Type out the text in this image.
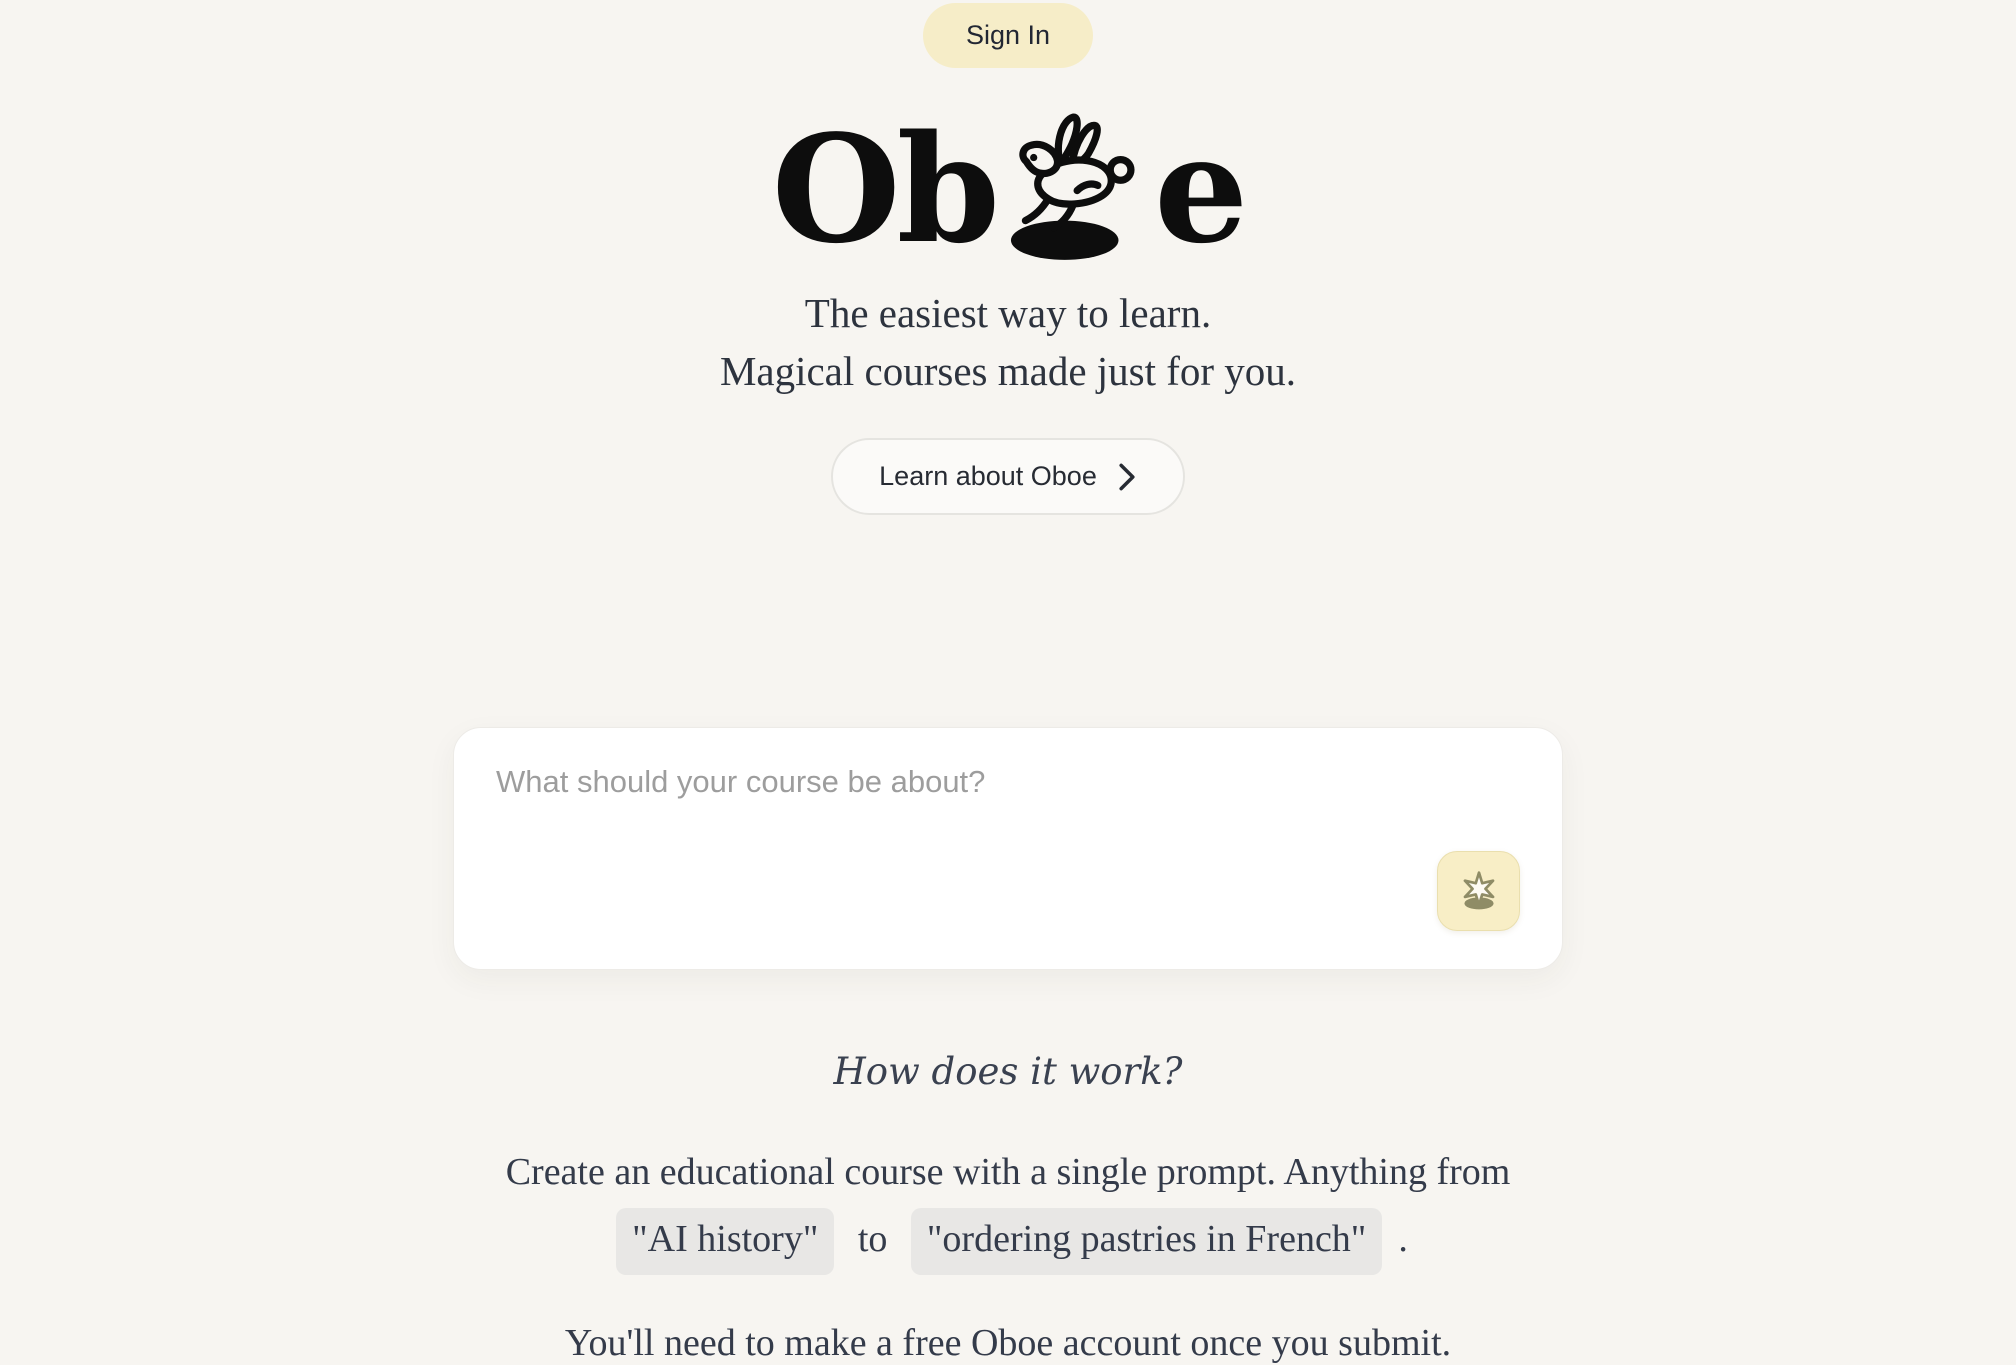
Sign In
Ob e
The easiest way to learn.
Magical courses made just for you.
Learn about Oboe
What should your course be about?
How does it work?

Create an educational course with a single prompt. Anything from
"AI history" to "ordering pastries in French" .

You'll need to make a free Oboe account once you submit.
